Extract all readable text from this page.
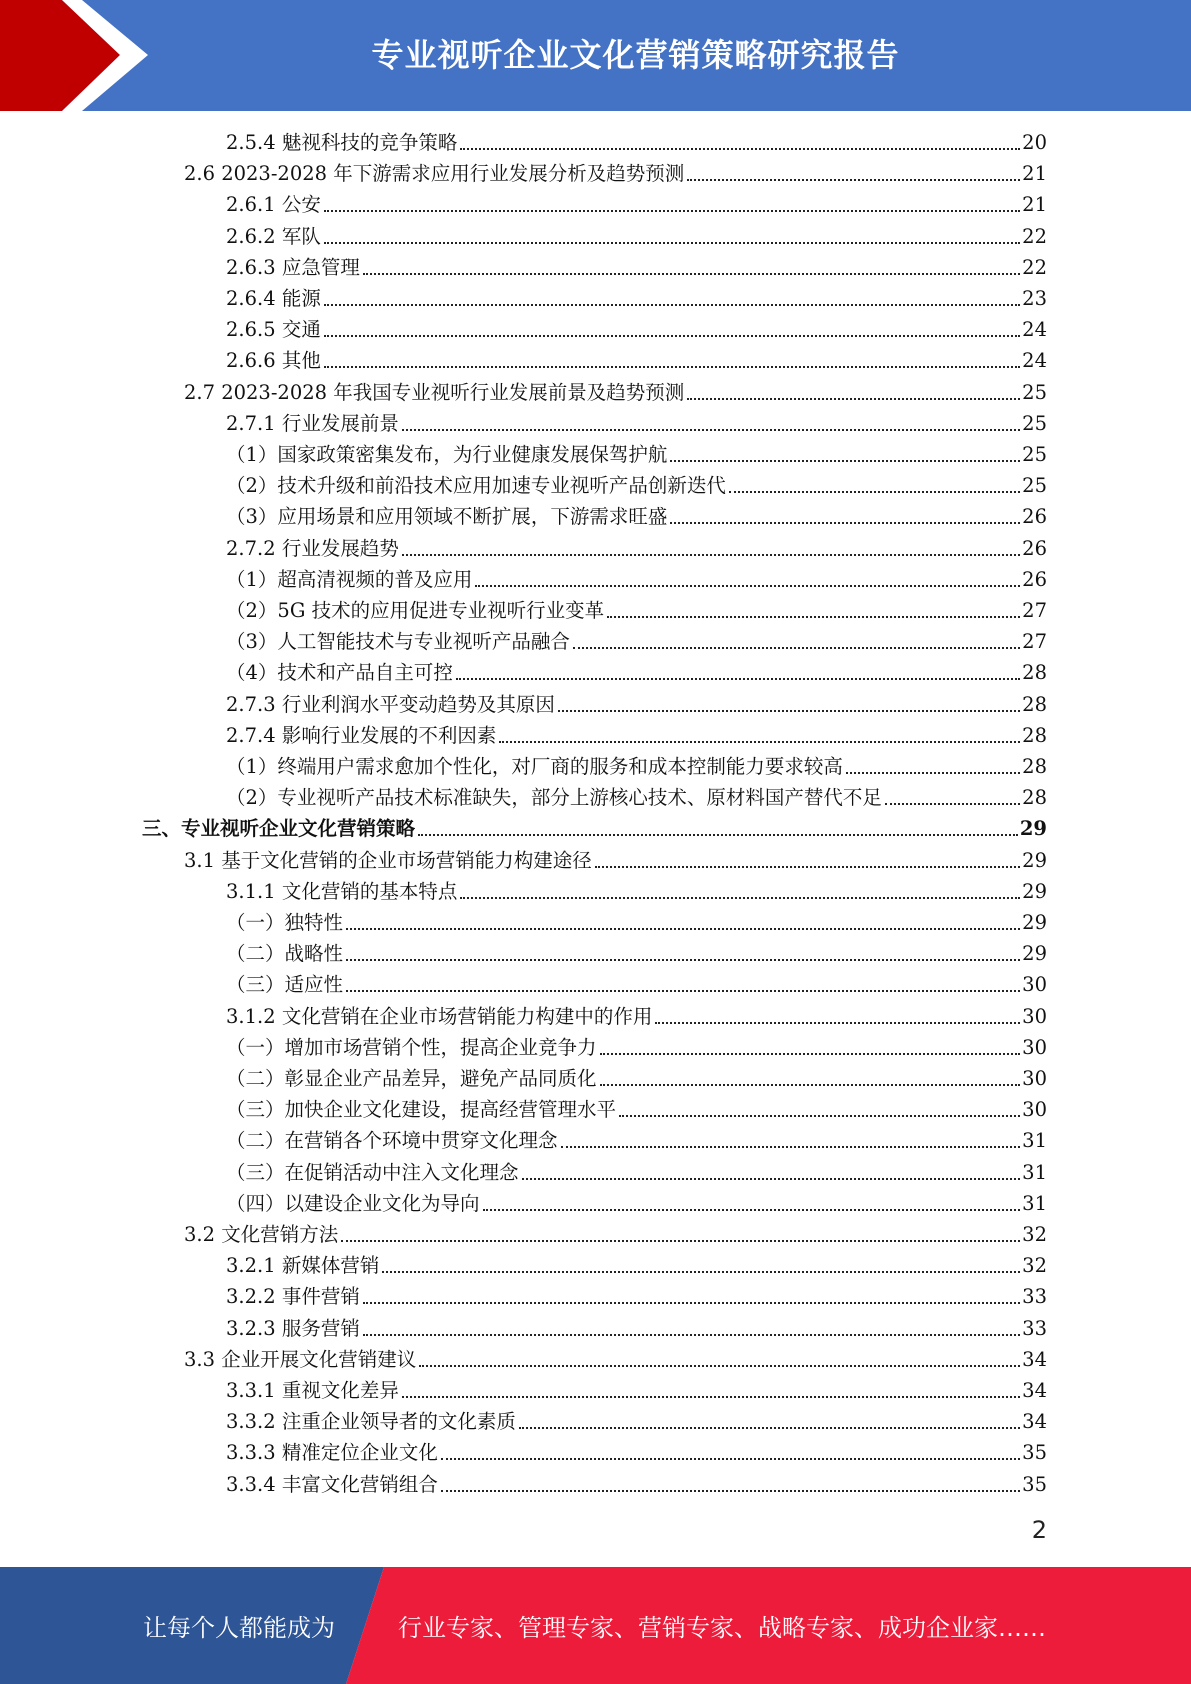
专业视听企业文化营销策略研究报告
2.5.4 魅视科技的竞争策略	20
2.6 2023-2028 年下游需求应用行业发展分析及趋势预测	21
2.6.1 公安	21
2.6.2 军队	22
2.6.3 应急管理	22
2.6.4 能源	23
2.6.5 交通	24
2.6.6 其他	24
2.7 2023-2028 年我国专业视听行业发展前景及趋势预测	25
2.7.1 行业发展前景	25
（1）国家政策密集发布，为行业健康发展保驾护航	25
（2）技术升级和前沿技术应用加速专业视听产品创新迭代	25
（3）应用场景和应用领域不断扩展，下游需求旺盛	26
2.7.2 行业发展趋势	26
（1）超高清视频的普及应用	26
（2）5G 技术的应用促进专业视听行业变革	27
（3）人工智能技术与专业视听产品融合	27
（4）技术和产品自主可控	28
2.7.3 行业利润水平变动趋势及其原因	28
2.7.4 影响行业发展的不利因素	28
（1）终端用户需求愈加个性化，对厂商的服务和成本控制能力要求较高	28
（2）专业视听产品技术标准缺失，部分上游核心技术、原材料国产替代不足	28
三、专业视听企业文化营销策略	29
3.1 基于文化营销的企业市场营销能力构建途径	29
3.1.1 文化营销的基本特点	29
（一）独特性	29
（二）战略性	29
（三）适应性	30
3.1.2 文化营销在企业市场营销能力构建中的作用	30
（一）增加市场营销个性，提高企业竞争力	30
（二）彰显企业产品差异，避免产品同质化	30
（三）加快企业文化建设，提高经营管理水平	30
（二）在营销各个环境中贯穿文化理念	31
（三）在促销活动中注入文化理念	31
（四）以建设企业文化为导向	31
3.2 文化营销方法	32
3.2.1 新媒体营销	32
3.2.2 事件营销	33
3.2.3 服务营销	33
3.3 企业开展文化营销建议	34
3.3.1 重视文化差异	34
3.3.2 注重企业领导者的文化素质	34
3.3.3 精准定位企业文化	35
3.3.4 丰富文化营销组合	35
2
让每个人都能成为	行业专家、管理专家、营销专家、战略专家、成功企业家……
